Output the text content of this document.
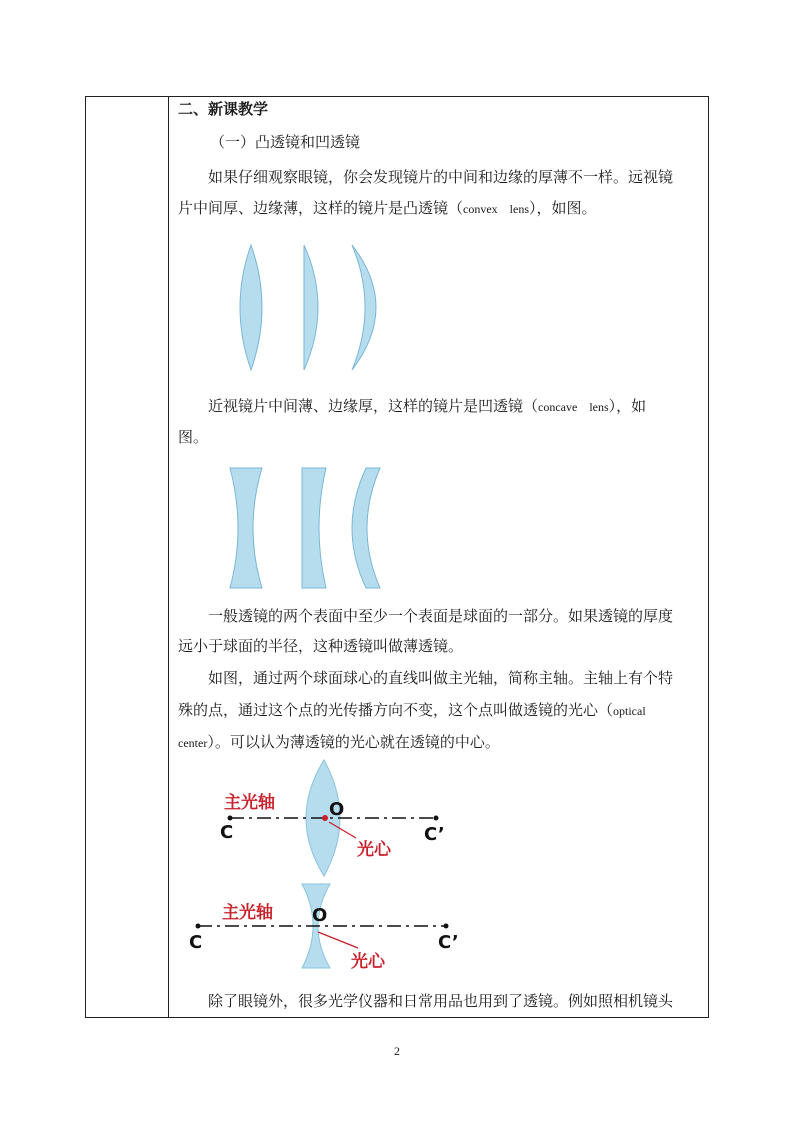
二、新课教学
（一）凸透镜和凹透镜
如果仔细观察眼镜，你会发现镜片的中间和边缘的厚薄不一样。远视镜
片中间厚、边缘薄，这样的镜片是凸透镜（convex    lens），如图。
近视镜片中间薄、边缘厚，这样的镜片是凹透镜（concave    lens），如
图。
一般透镜的两个表面中至少一个表面是球面的一部分。如果透镜的厚度
远小于球面的半径，这种透镜叫做薄透镜。
如图，通过两个球面球心的直线叫做主光轴，简称主轴。主轴上有个特
殊的点，通过这个点的光传播方向不变，这个点叫做透镜的光心（optical
center）。可以认为薄透镜的光心就在透镜的中心。
除了眼镜外，很多光学仪器和日常用品也用到了透镜。例如照相机镜头
主光轴	O
C	C’
光心
主光轴 O
C	C’
光心
2
